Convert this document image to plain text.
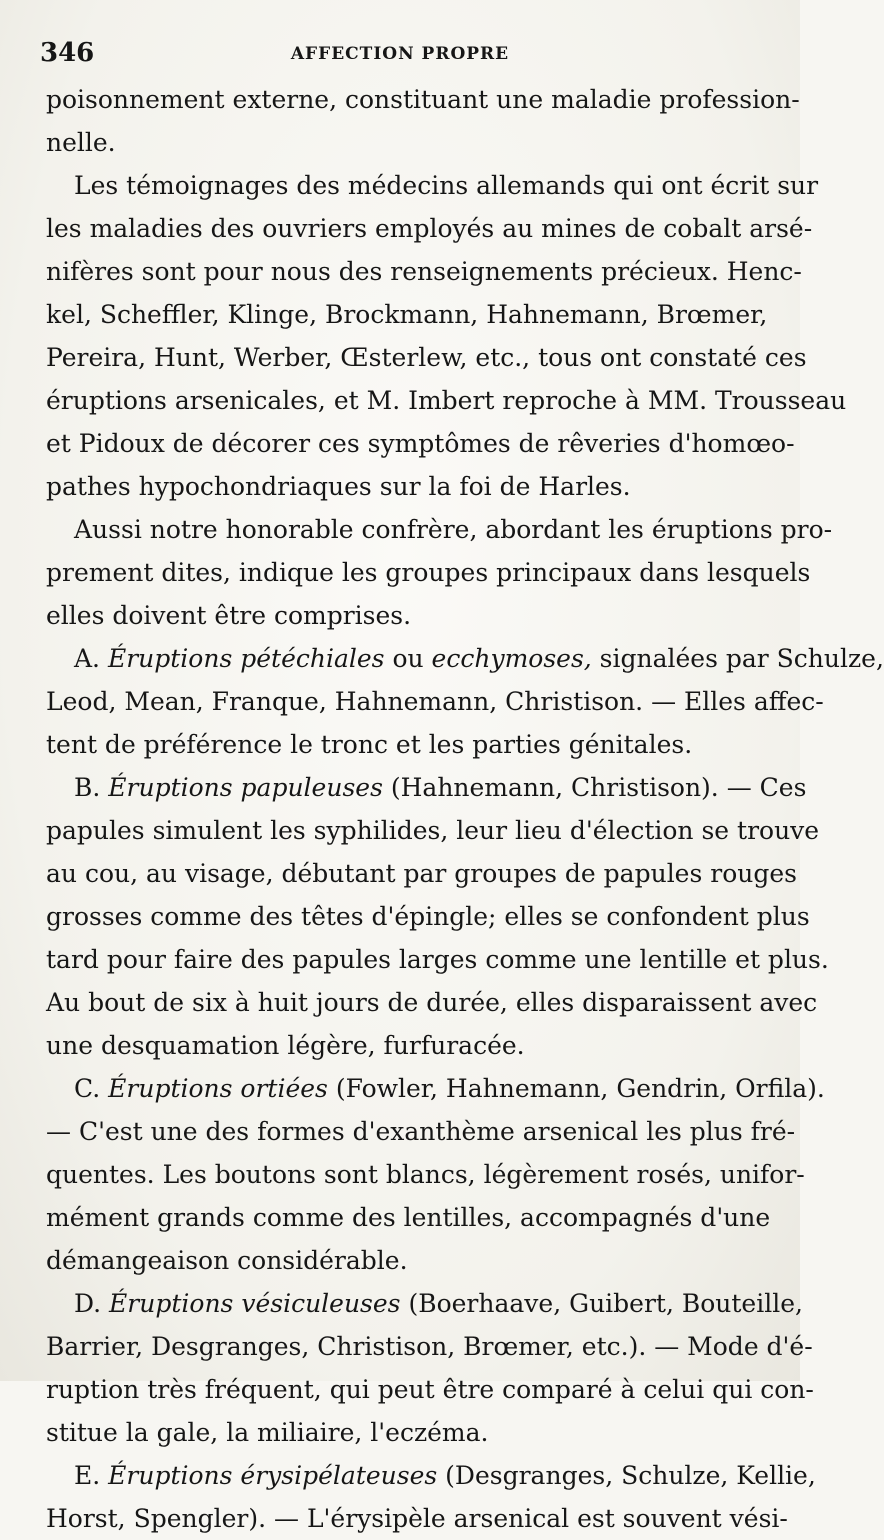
346	AFFECTION PROPRE
poisonnement externe, constituant une maladie profession-
nelle.
Les témoignages des médecins allemands qui ont écrit sur
les maladies des ouvriers employés au mines de cobalt arsé-
nifères sont pour nous des renseignements précieux. Henc-
kel, Scheffler, Klinge, Brockmann, Hahnemann, Brœmer,
Pereira, Hunt, Werber, Œsterlew, etc., tous ont constaté ces
éruptions arsenicales, et M. Imbert reproche à MM. Trousseau
et Pidoux de décorer ces symptômes de rêveries d'homœo-
pathes hypochondriaques sur la foi de Harles.
Aussi notre honorable confrère, abordant les éruptions pro-
prement dites, indique les groupes principaux dans lesquels
elles doivent être comprises.
A. Éruptions pétéchiales ou ecchymoses, signalées par Schulze,
Leod, Mean, Franque, Hahnemann, Christison. — Elles affec-
tent de préférence le tronc et les parties génitales.
B. Éruptions papuleuses (Hahnemann, Christison). — Ces
papules simulent les syphilides, leur lieu d'élection se trouve
au cou, au visage, débutant par groupes de papules rouges
grosses comme des têtes d'épingle; elles se confondent plus
tard pour faire des papules larges comme une lentille et plus.
Au bout de six à huit jours de durée, elles disparaissent avec
une desquamation légère, furfuracée.
C. Éruptions ortiées (Fowler, Hahnemann, Gendrin, Orfila).
— C'est une des formes d'exanthème arsenical les plus fré-
quentes. Les boutons sont blancs, légèrement rosés, unifor-
mément grands comme des lentilles, accompagnés d'une
démangeaison considérable.
D. Éruptions vésiculeuses (Boerhaave, Guibert, Bouteille,
Barrier, Desgranges, Christison, Brœmer, etc.). — Mode d'é-
ruption très fréquent, qui peut être comparé à celui qui con-
stitue la gale, la miliaire, l'eczéma.
E. Éruptions érysipélateuses (Desgranges, Schulze, Kellie,
Horst, Spengler). — L'érysipèle arsenical est souvent vési-
